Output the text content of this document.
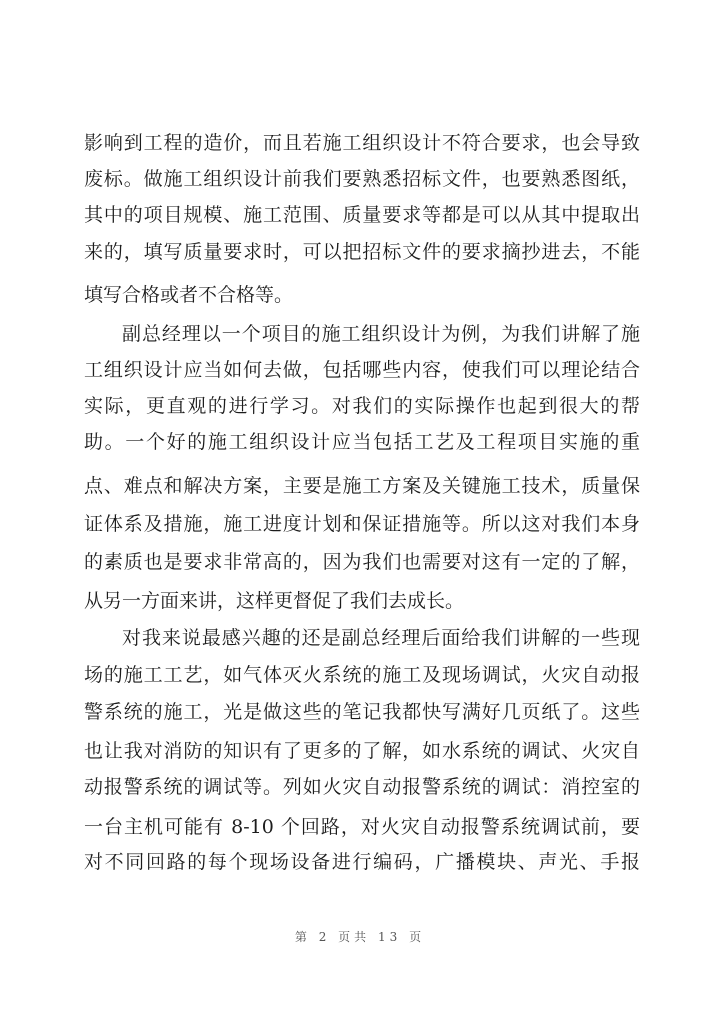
影响到工程的造价，而且若施工组织设计不符合要求，也会导致
废标。做施工组织设计前我们要熟悉招标文件，也要熟悉图纸，
其中的项目规模、施工范围、质量要求等都是可以从其中提取出
来的，填写质量要求时，可以把招标文件的要求摘抄进去，不能
填写合格或者不合格等。
副总经理以一个项目的施工组织设计为例，为我们讲解了施
工组织设计应当如何去做，包括哪些内容，使我们可以理论结合
实际，更直观的进行学习。对我们的实际操作也起到很大的帮
助。一个好的施工组织设计应当包括工艺及工程项目实施的重
点、难点和解决方案，主要是施工方案及关键施工技术，质量保
证体系及措施，施工进度计划和保证措施等。所以这对我们本身
的素质也是要求非常高的，因为我们也需要对这有一定的了解，
从另一方面来讲，这样更督促了我们去成长。
对我来说最感兴趣的还是副总经理后面给我们讲解的一些现
场的施工工艺，如气体灭火系统的施工及现场调试，火灾自动报
警系统的施工，光是做这些的笔记我都快写满好几页纸了。这些
也让我对消防的知识有了更多的了解，如水系统的调试、火灾自
动报警系统的调试等。列如火灾自动报警系统的调试：消控室的
一台主机可能有 8-10 个回路，对火灾自动报警系统调试前，要
对不同回路的每个现场设备进行编码，广播模块、声光、手报
第 2 页共 13 页
